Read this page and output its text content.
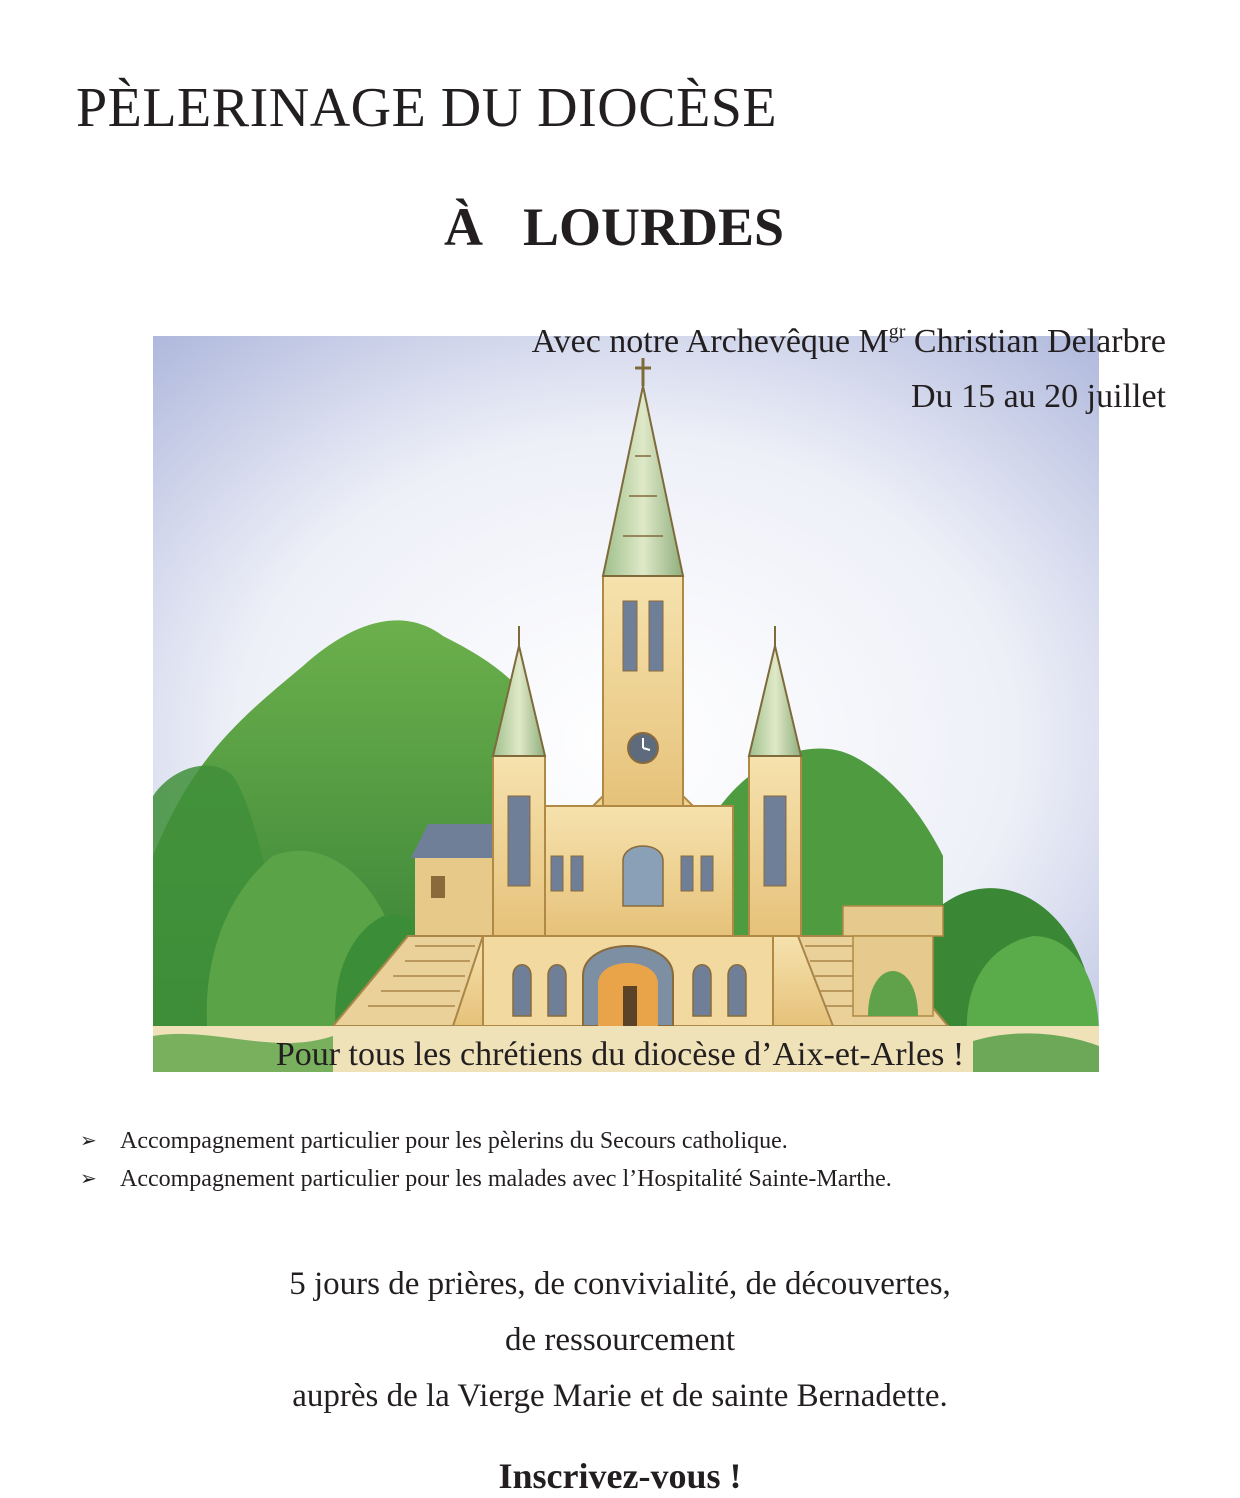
PÈLERINAGE DU DIOCÈSE
À LOURDES
Avec notre Archevêque $M^{gr}$ Christian Delarbre
Du 15 au 20 juillet
Pour tous les chrétiens du diocèse d’Aix-et-Arles !
➢ Accompagnement particulier pour les pèlerins du Secours catholique.
➢ Accompagnement particulier pour les malades avec l’Hospitalité Sainte-Marthe.
5 jours de prières, de convivialité, de découvertes,
de ressourcement
auprès de la Vierge Marie et de sainte Bernadette.
Inscrivez-vous !
